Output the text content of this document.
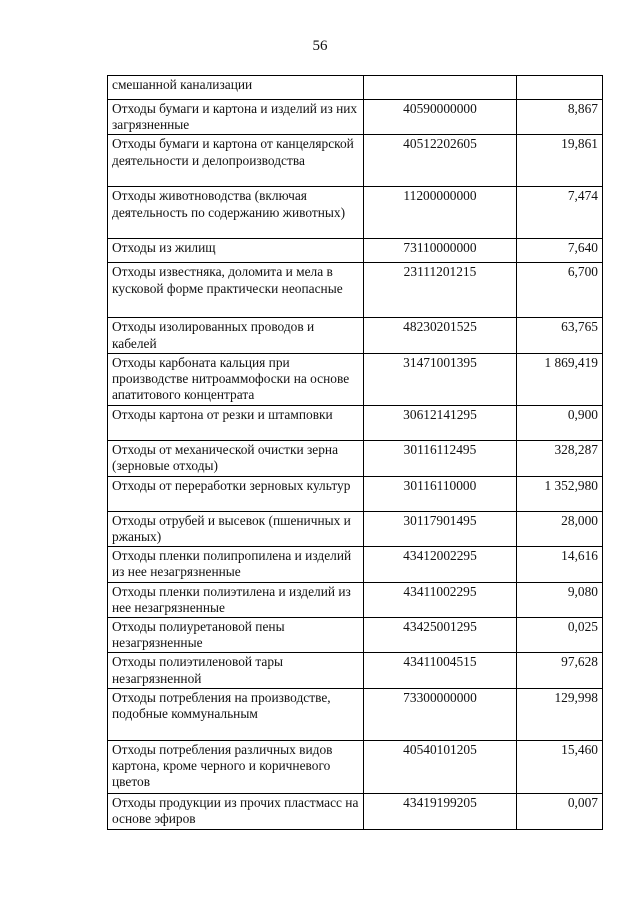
56
смешанной канализации		
Отходы бумаги и картона и изделий из них загрязненные	40590000000	8,867
Отходы бумаги и картона от канцелярской деятельности и делопроизводства	40512202605	19,861
Отходы животноводства (включая деятельность по содержанию животных)	11200000000	7,474
Отходы из жилищ	73110000000	7,640
Отходы известняка, доломита и мела в кусковой форме практически неопасные	23111201215	6,700
Отходы изолированных проводов и кабелей	48230201525	63,765
Отходы карбоната кальция при производстве нитроаммофоски на основе апатитового концентрата	31471001395	1 869,419
Отходы картона от резки и штамповки	30612141295	0,900
Отходы от механической очистки зерна (зерновые отходы)	30116112495	328,287
Отходы от переработки зерновых культур	30116110000	1 352,980
Отходы отрубей и высевок (пшеничных и ржаных)	30117901495	28,000
Отходы пленки полипропилена и изделий из нее незагрязненные	43412002295	14,616
Отходы пленки полиэтилена и изделий из нее незагрязненные	43411002295	9,080
Отходы полиуретановой пены незагрязненные	43425001295	0,025
Отходы полиэтиленовой тары незагрязненной	43411004515	97,628
Отходы потребления на производстве, подобные коммунальным	73300000000	129,998
Отходы потребления различных видов картона, кроме черного и коричневого цветов	40540101205	15,460
Отходы продукции из прочих пластмасс на основе эфиров	43419199205	0,007
